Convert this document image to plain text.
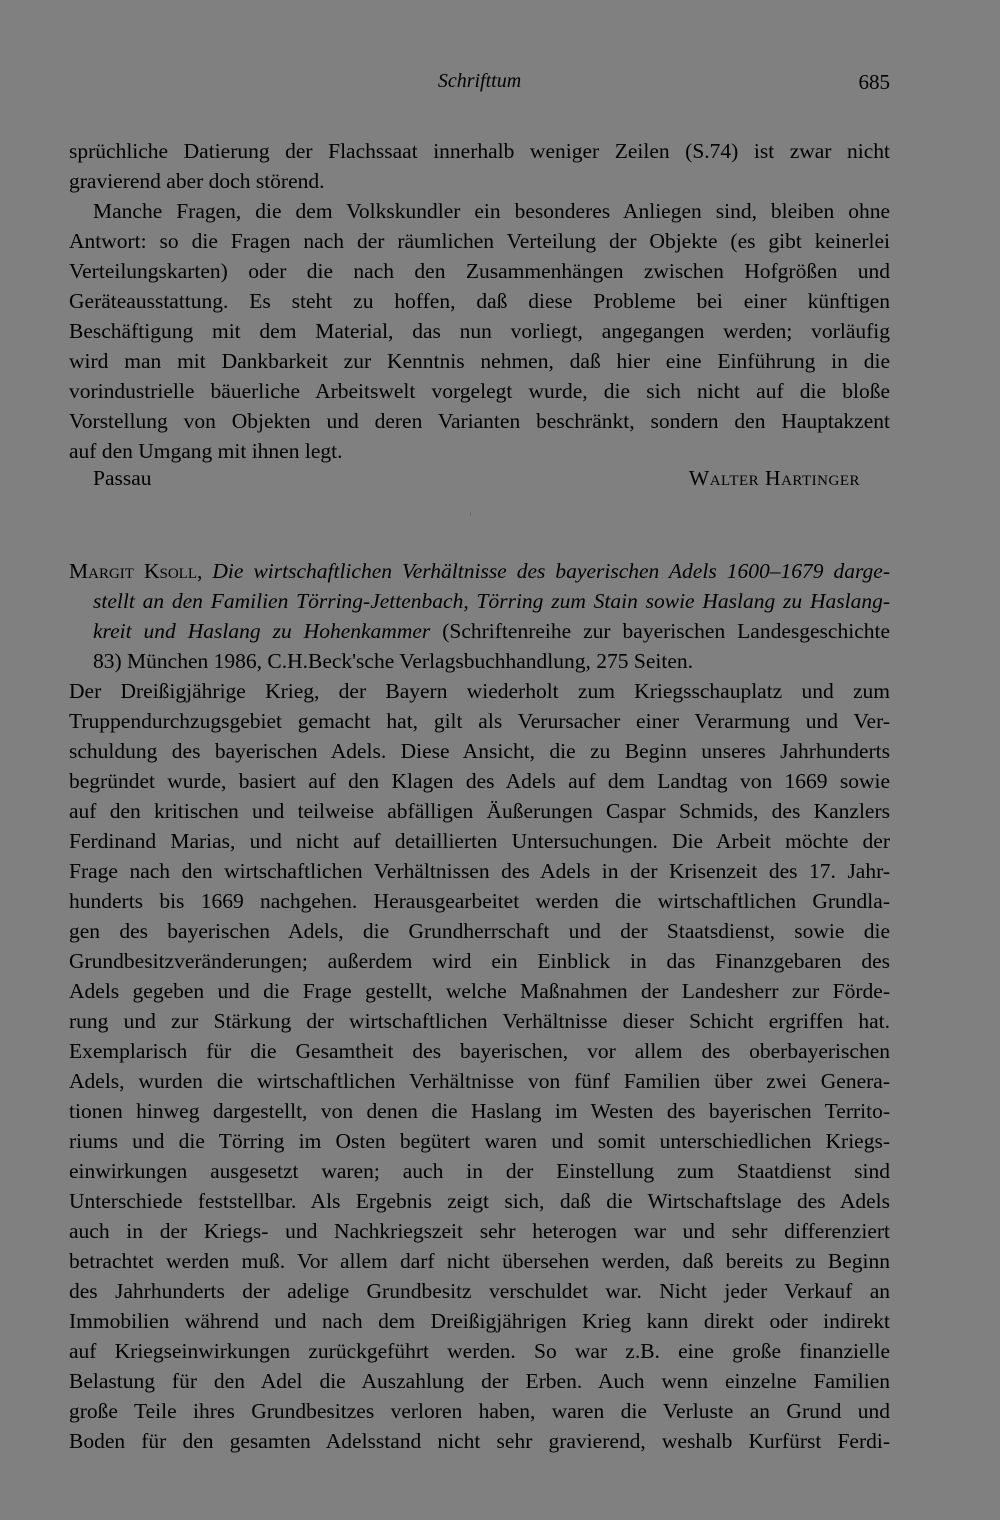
Schrifttum	685
sprüchliche Datierung der Flachssaat innerhalb weniger Zeilen (S.74) ist zwar nicht
gravierend aber doch störend.
Manche Fragen, die dem Volkskundler ein besonderes Anliegen sind, bleiben ohne
Antwort: so die Fragen nach der räumlichen Verteilung der Objekte (es gibt keinerlei
Verteilungskarten) oder die nach den Zusammenhängen zwischen Hofgrößen und
Geräteausstattung. Es steht zu hoffen, daß diese Probleme bei einer künftigen
Beschäftigung mit dem Material, das nun vorliegt, angegangen werden; vorläufig
wird man mit Dankbarkeit zur Kenntnis nehmen, daß hier eine Einführung in die
vorindustrielle bäuerliche Arbeitswelt vorgelegt wurde, die sich nicht auf die bloße
Vorstellung von Objekten und deren Varianten beschränkt, sondern den Hauptakzent
auf den Umgang mit ihnen legt.
Passau	Walter Hartinger
Margit Ksoll, Die wirtschaftlichen Verhältnisse des bayerischen Adels 1600–1679 darge-
stellt an den Familien Törring-Jettenbach, Törring zum Stain sowie Haslang zu Haslang-
kreit und Haslang zu Hohenkammer (Schriftenreihe zur bayerischen Landesgeschichte
83) München 1986, C.H.Beck'sche Verlagsbuchhandlung, 275 Seiten.
Der Dreißigjährige Krieg, der Bayern wiederholt zum Kriegsschauplatz und zum
Truppendurchzugsgebiet gemacht hat, gilt als Verursacher einer Verarmung und Ver-
schuldung des bayerischen Adels. Diese Ansicht, die zu Beginn unseres Jahrhunderts
begründet wurde, basiert auf den Klagen des Adels auf dem Landtag von 1669 sowie
auf den kritischen und teilweise abfälligen Äußerungen Caspar Schmids, des Kanzlers
Ferdinand Marias, und nicht auf detaillierten Untersuchungen. Die Arbeit möchte der
Frage nach den wirtschaftlichen Verhältnissen des Adels in der Krisenzeit des 17. Jahr-
hunderts bis 1669 nachgehen. Herausgearbeitet werden die wirtschaftlichen Grundla-
gen des bayerischen Adels, die Grundherrschaft und der Staatsdienst, sowie die
Grundbesitzveränderungen; außerdem wird ein Einblick in das Finanzgebaren des
Adels gegeben und die Frage gestellt, welche Maßnahmen der Landesherr zur Förde-
rung und zur Stärkung der wirtschaftlichen Verhältnisse dieser Schicht ergriffen hat.
Exemplarisch für die Gesamtheit des bayerischen, vor allem des oberbayerischen
Adels, wurden die wirtschaftlichen Verhältnisse von fünf Familien über zwei Genera-
tionen hinweg dargestellt, von denen die Haslang im Westen des bayerischen Territo-
riums und die Törring im Osten begütert waren und somit unterschiedlichen Kriegs-
einwirkungen ausgesetzt waren; auch in der Einstellung zum Staatdienst sind
Unterschiede feststellbar. Als Ergebnis zeigt sich, daß die Wirtschaftslage des Adels
auch in der Kriegs- und Nachkriegszeit sehr heterogen war und sehr differenziert
betrachtet werden muß. Vor allem darf nicht übersehen werden, daß bereits zu Beginn
des Jahrhunderts der adelige Grundbesitz verschuldet war. Nicht jeder Verkauf an
Immobilien während und nach dem Dreißigjährigen Krieg kann direkt oder indirekt
auf Kriegseinwirkungen zurückgeführt werden. So war z.B. eine große finanzielle
Belastung für den Adel die Auszahlung der Erben. Auch wenn einzelne Familien
große Teile ihres Grundbesitzes verloren haben, waren die Verluste an Grund und
Boden für den gesamten Adelsstand nicht sehr gravierend, weshalb Kurfürst Ferdi-
